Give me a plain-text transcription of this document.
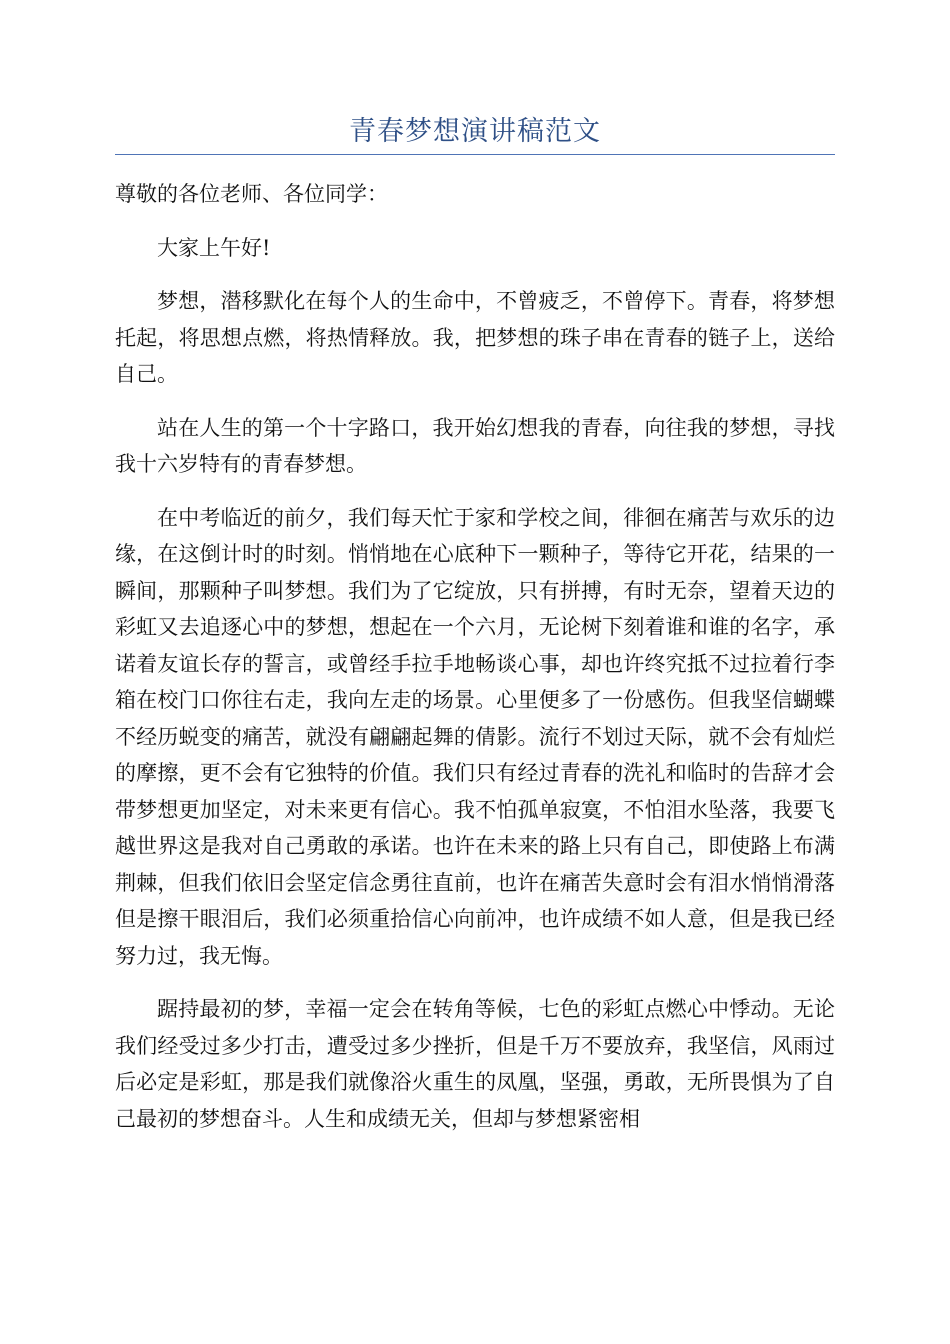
青春梦想演讲稿范文

尊敬的各位老师、各位同学：

大家上午好!

梦想，潜移默化在每个人的生命中，不曾疲乏，不曾停下。青春，将梦想托起，将思想点燃，将热情释放。我，把梦想的珠子串在青春的链子上，送给自己。

站在人生的第一个十字路口，我开始幻想我的青春，向往我的梦想，寻找我十六岁特有的青春梦想。

在中考临近的前夕，我们每天忙于家和学校之间，徘徊在痛苦与欢乐的边缘，在这倒计时的时刻。悄悄地在心底种下一颗种子，等待它开花，结果的一瞬间，那颗种子叫梦想。我们为了它绽放，只有拼搏，有时无奈，望着天边的彩虹又去追逐心中的梦想，想起在一个六月，无论树下刻着谁和谁的名字，承诺着友谊长存的誓言，或曾经手拉手地畅谈心事，却也许终究抵不过拉着行李箱在校门口你往右走，我向左走的场景。心里便多了一份感伤。但我坚信蝴蝶不经历蜕变的痛苦，就没有翩翩起舞的倩影。流行不划过天际，就不会有灿烂的摩擦，更不会有它独特的价值。我们只有经过青春的洗礼和临时的告辞才会带梦想更加坚定，对未来更有信心。我不怕孤单寂寞，不怕泪水坠落，我要飞越世界这是我对自己勇敢的承诺。也许在未来的路上只有自己，即使路上布满荆棘，但我们依旧会坚定信念勇往直前，也许在痛苦失意时会有泪水悄悄滑落但是擦干眼泪后，我们必须重拾信心向前冲，也许成绩不如人意，但是我已经努力过，我无悔。

踞持最初的梦，幸福一定会在转角等候，七色的彩虹点燃心中悸动。无论我们经受过多少打击，遭受过多少挫折，但是千万不要放弃，我坚信，风雨过后必定是彩虹，那是我们就像浴火重生的凤凰，坚强，勇敢，无所畏惧为了自己最初的梦想奋斗。人生和成绩无关，但却与梦想紧密相
